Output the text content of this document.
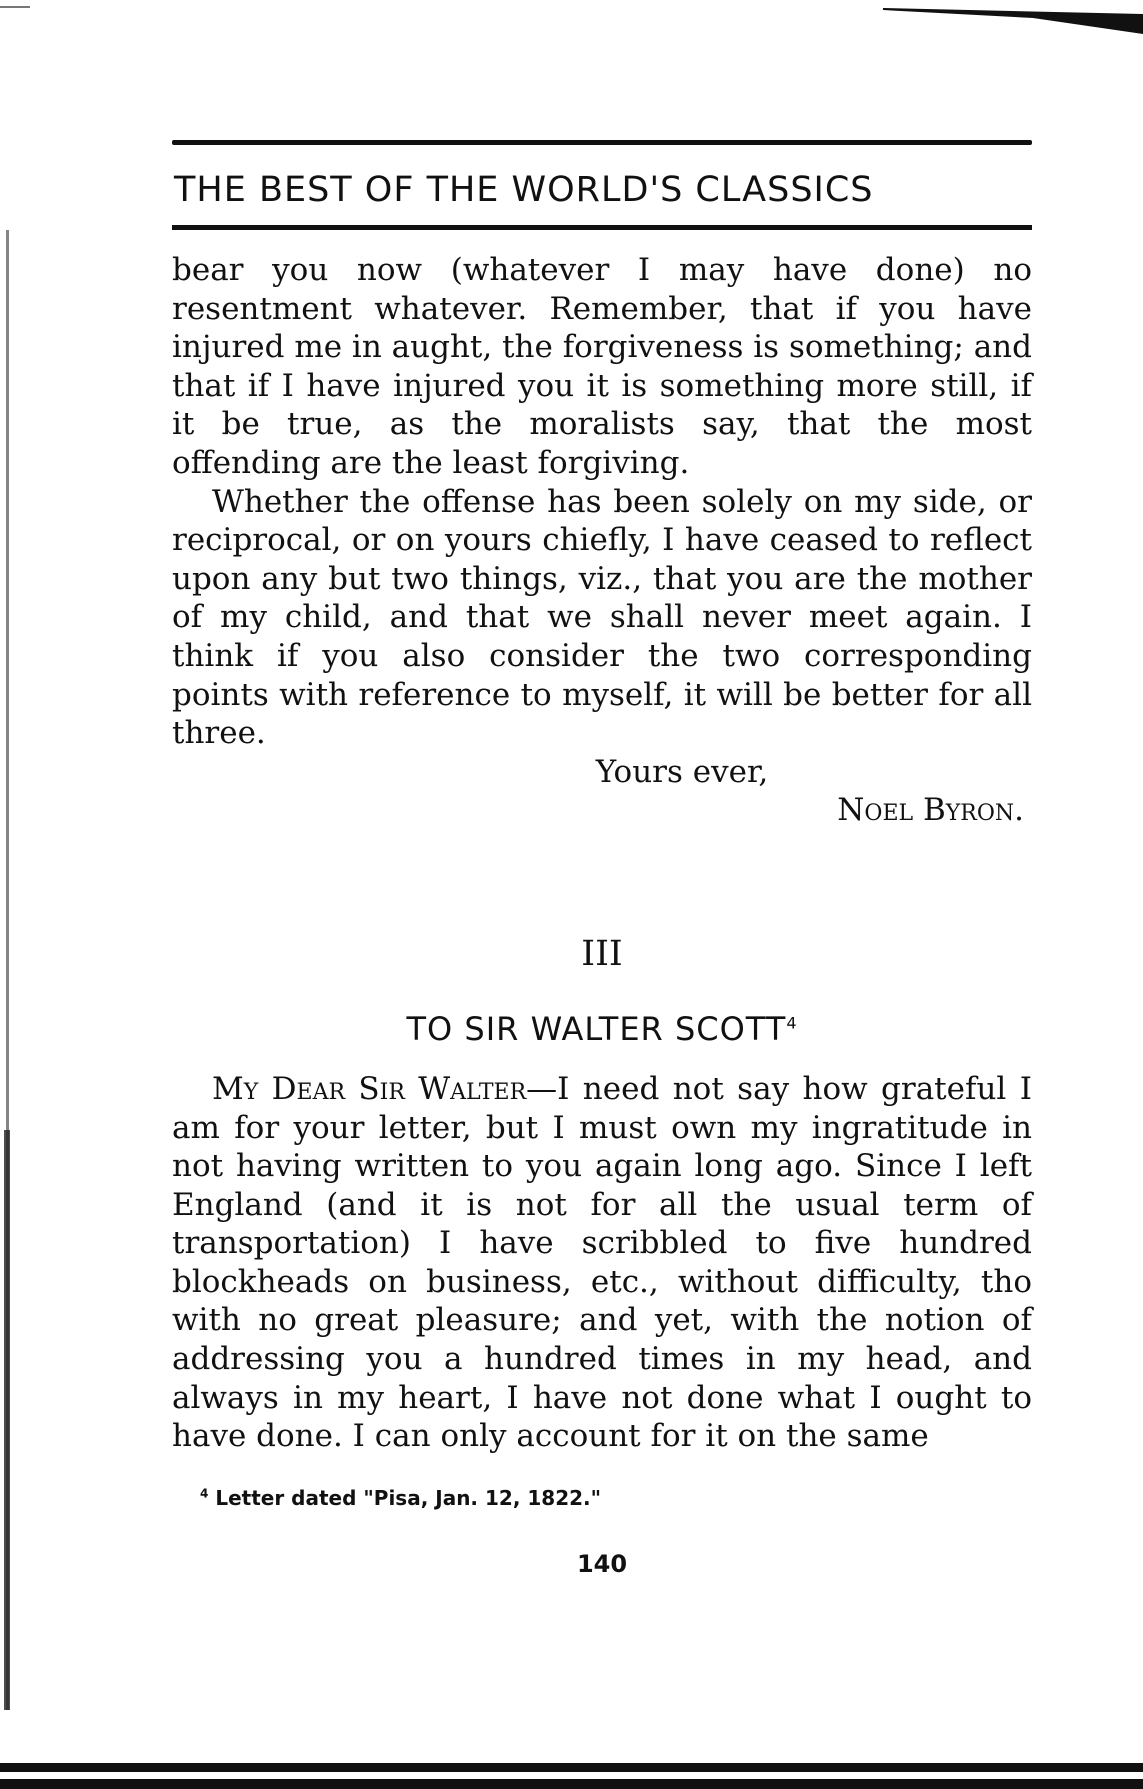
THE BEST OF THE WORLD'S CLASSICS

bear you now (whatever I may have done) no resentment whatever. Remember, that if you have injured me in aught, the forgiveness is something; and that if I have injured you it is something more still, if it be true, as the moralists say, that the most offending are the least forgiving.

Whether the offense has been solely on my side, or reciprocal, or on yours chiefly, I have ceased to reflect upon any but two things, viz., that you are the mother of my child, and that we shall never meet again. I think if you also consider the two corresponding points with reference to myself, it will be better for all three.

Yours ever,

Noel Byron.

III
TO SIR WALTER SCOTT$^4$

My Dear Sir Walter—I need not say how grateful I am for your letter, but I must own my ingratitude in not having written to you again long ago. Since I left England (and it is not for all the usual term of transportation) I have scribbled to five hundred blockheads on business, etc., without difficulty, tho with no great pleasure; and yet, with the notion of addressing you a hundred times in my head, and always in my heart, I have not done what I ought to have done. I can only account for it on the same

$^4$ Letter dated "Pisa, Jan. 12, 1822."
140
